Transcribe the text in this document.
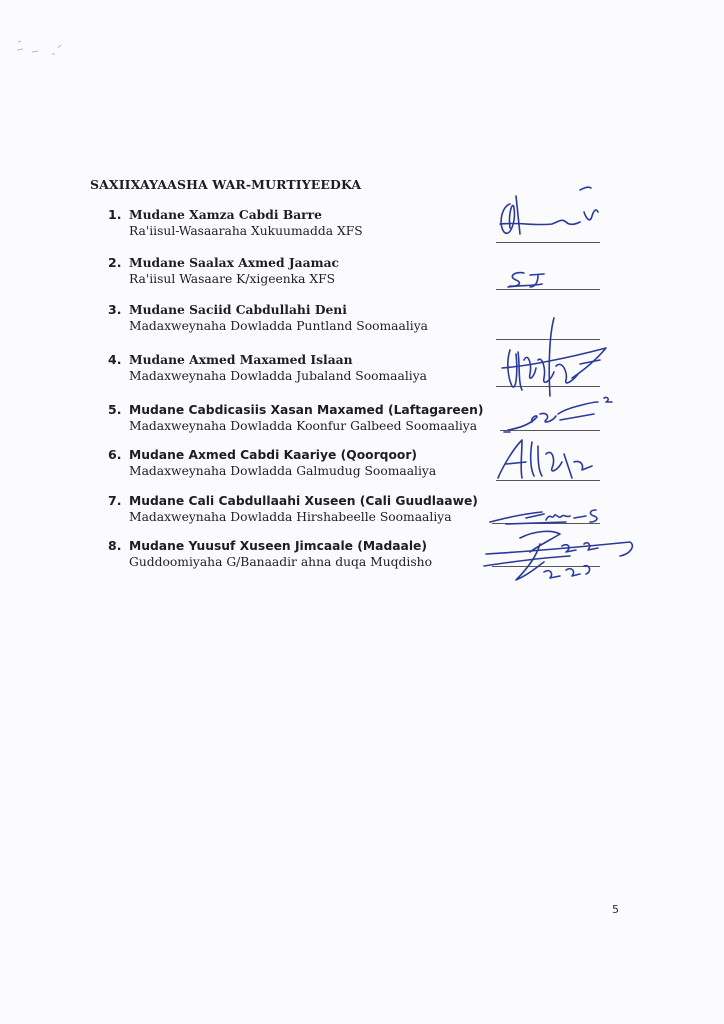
SAXIIXAYAASHA WAR-MURTIYEEDKA
1. Mudane Xamza Cabdi Barre
Ra'iisul-Wasaaraha Xukuumadda XFS
2. Mudane Saalax Axmed Jaamac
Ra'iisul Wasaare K/xigeenka XFS
3. Mudane Saciid Cabdullahi Deni
Madaxweynaha Dowladda Puntland Soomaaliya
4. Mudane Axmed Maxamed Islaan
Madaxweynaha Dowladda Jubaland Soomaaliya
5. Mudane Cabdicasiis Xasan Maxamed (Laftagareen)
Madaxweynaha Dowladda Koonfur Galbeed Soomaaliya
6. Mudane Axmed Cabdi Kaariye (Qoorqoor)
Madaxweynaha Dowladda Galmudug Soomaaliya
7. Mudane Cali Cabdullaahi Xuseen (Cali Guudlaawe)
Madaxweynaha Dowladda Hirshabeelle Soomaaliya
8. Mudane Yuusuf Xuseen Jimcaale (Madaale)
Guddoomiyaha G/Banaadir ahna duqa Muqdisho
5
